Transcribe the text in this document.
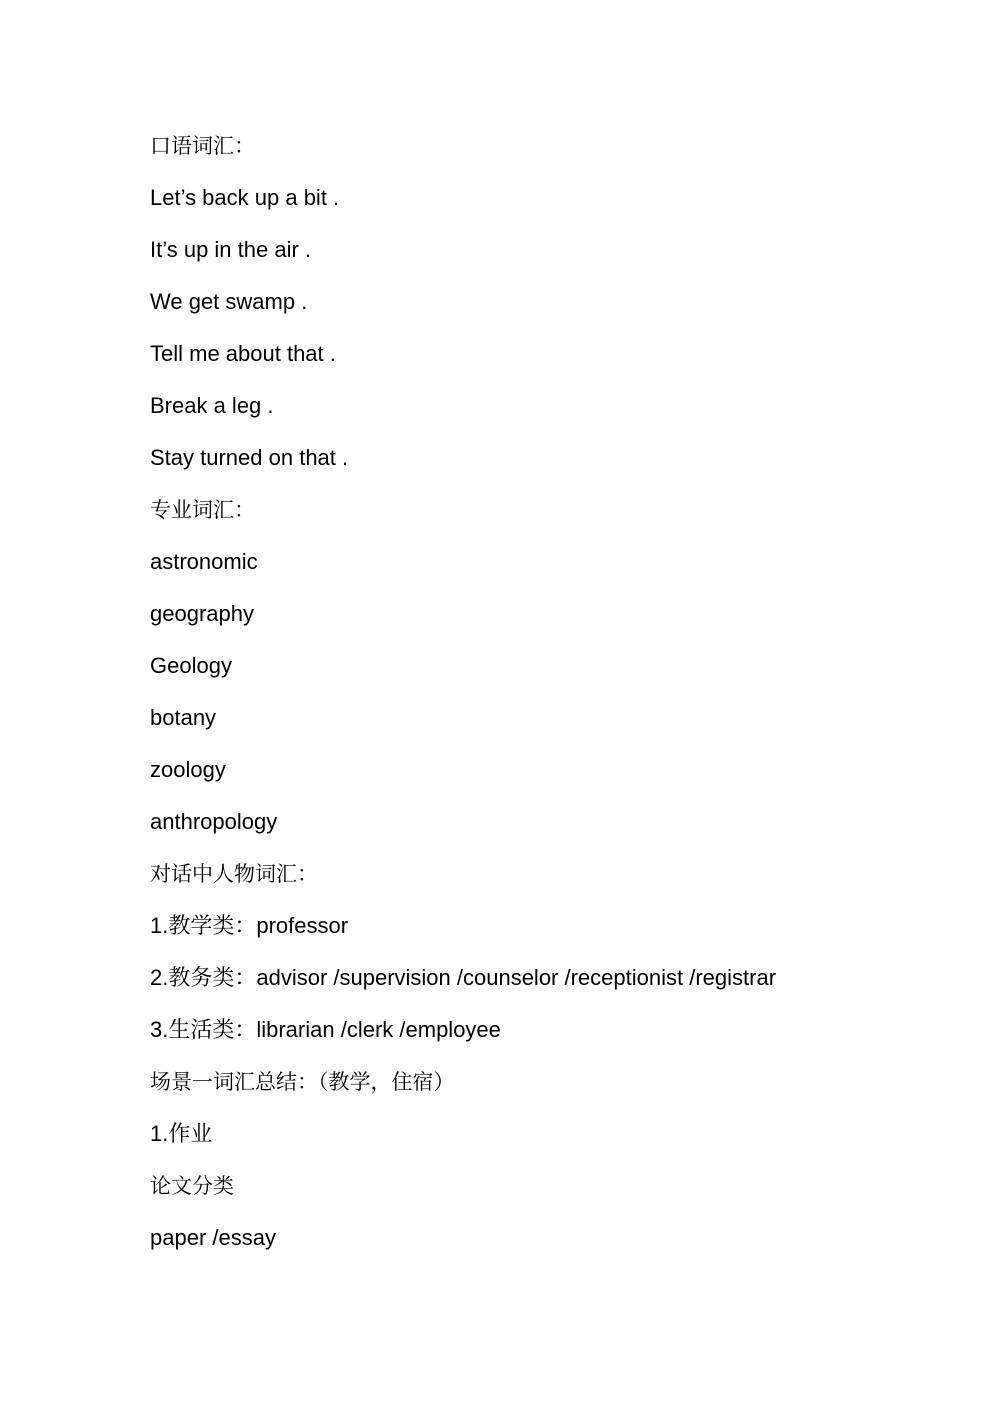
口语词汇：
Let’s back up a bit .
It’s up in the air .
We get swamp .
Tell me about that .
Break a leg .
Stay turned on that .
专业词汇：
astronomic
geography
Geology
botany
zoology
anthropology
对话中人物词汇：
1.教学类：professor
2.教务类：advisor /supervision /counselor /receptionist /registrar
3.生活类：librarian /clerk /employee
场景一词汇总结：（教学，住宿）
1.作业
论文分类
paper /essay
